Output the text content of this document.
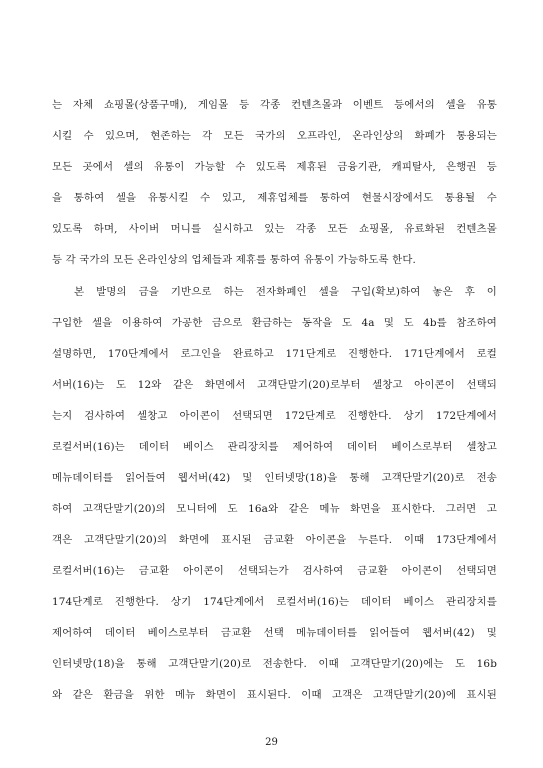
는 자체 쇼핑몰(상품구매), 게임몰 등 각종 컨텐츠몰과 이벤트 등에서의 셀을 유통
시킬 수 있으며, 현존하는 각 모든 국가의 오프라인, 온라인상의 화폐가 통용되는
모든 곳에서 셀의 유통이 가능할 수 있도록 제휴된 금융기관, 캐피탈사, 은행권 등
을 통하여 셀을 유통시킬 수 있고, 제휴업체를 통하여 현물시장에서도 통용될 수
있도록 하며, 사이버 머니를 실시하고 있는 각종 모든 쇼핑몰, 유료화된 컨텐츠몰
등 각 국가의 모든 온라인상의 업체들과 제휴를 통하여 유통이 가능하도록 한다.
본 발명의 금을 기반으로 하는 전자화폐인 셀을 구입(확보)하여 놓은 후 이
구입한 셀을 이용하여 가공한 금으로 환금하는 동작을 도 4a 및 도 4b를 참조하여
설명하면, 170단계에서 로그인을 완료하고 171단계로 진행한다. 171단계에서 로컬
서버(16)는 도 12와 같은 화면에서 고객단말기(20)로부터 셀창고 아이콘이 선택되
는지 검사하여 셀창고 아이콘이 선택되면 172단계로 진행한다. 상기 172단계에서
로컬서버(16)는 데이터 베이스 관리장치를 제어하여 데이터 베이스로부터 셀창고
메뉴데이터를 읽어들여 웹서버(42) 및 인터넷망(18)을 통해 고객단말기(20)로 전송
하여 고객단말기(20)의 모니터에 도 16a와 같은 메뉴 화면을 표시한다. 그러면 고
객은 고객단말기(20)의 화면에 표시된 금교환 아이콘을 누른다. 이때 173단계에서
로컬서버(16)는 금교환 아이콘이 선택되는가 검사하여 금교환 아이콘이 선택되면
174단계로 진행한다. 상기 174단계에서 로컬서버(16)는 데이터 베이스 관리장치를
제어하여 데이터 베이스로부터 금교환 선택 메뉴데이터를 읽어들여 웹서버(42) 및
인터넷망(18)을 통해 고객단말기(20)로 전송한다. 이때 고객단말기(20)에는 도 16b
와 같은 환금을 위한 메뉴 화면이 표시된다. 이때 고객은 고객단말기(20)에 표시된
29
